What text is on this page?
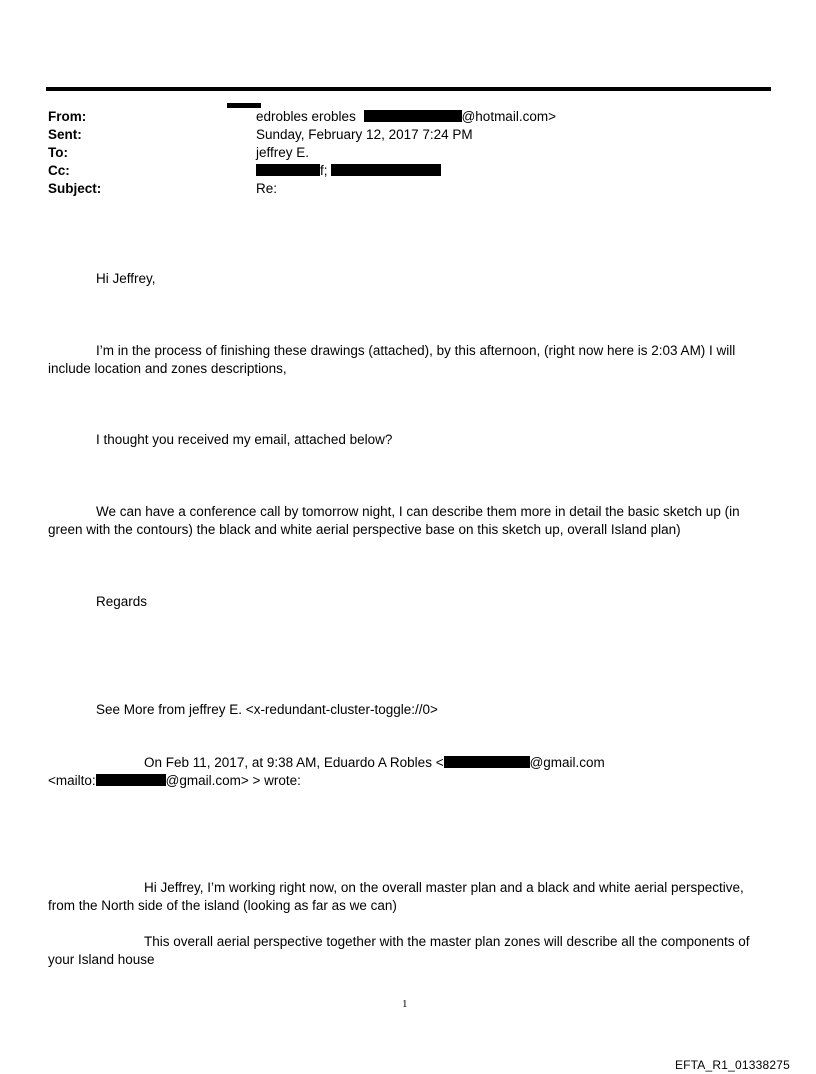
From:	edrobles erobles	@hotmail.com>
Sent:	Sunday, February 12, 2017 7:24 PM
To:	jeffrey E.
Cc:	f;
Subject:	Re:
Hi Jeffrey,
I’m in the process of finishing these drawings (attached), by this afternoon, (right now here is 2:03 AM) I will include location and zones descriptions,
I thought you received my email, attached below?
We can have a conference call by tomorrow night, I can describe them more in detail the basic sketch up (in green with the contours) the black and white aerial perspective base on this sketch up, overall Island plan)
Regards
See More from jeffrey E. <x-redundant-cluster-toggle://0>
On Feb 11, 2017, at 9:38 AM, Eduardo A Robles <	@gmail.com
<mailto:	@gmail.com> > wrote:
Hi Jeffrey, I’m working right now, on the overall master plan and a black and white aerial perspective, from the North side of the island (looking as far as we can)
This overall aerial perspective together with the master plan zones will describe all the components of your Island house
1
EFTA_R1_01338275
